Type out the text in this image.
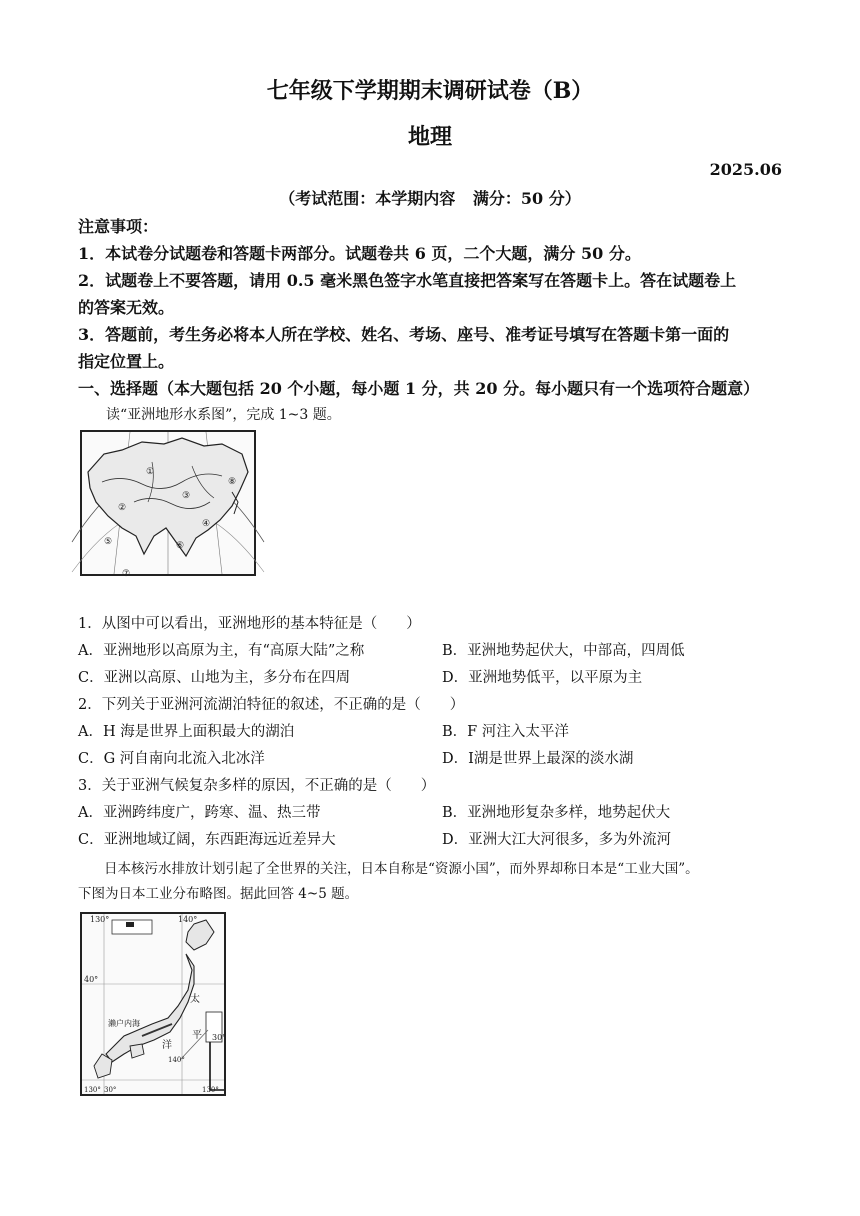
七年级下学期期末调研试卷（B）
地理
2025.06
（考试范围：本学期内容 满分：50 分）
注意事项：
1．本试卷分试题卷和答题卡两部分。试题卷共 6 页，二个大题，满分 50 分。
2．试题卷上不要答题，请用 0.5 毫米黑色签字水笔直接把答案写在答题卡上。答在试题卷上
的答案无效。
3．答题前，考生务必将本人所在学校、姓名、考场、座号、准考证号填写在答题卡第一面的
指定位置上。
一、选择题（本大题包括 20 个小题，每小题 1 分，共 20 分。每小题只有一个选项符合题意）
读“亚洲地形水系图”，完成 1~3 题。
①
②
③
④
⑤	⑥
⑦
⑧
1．从图中可以看出，亚洲地形的基本特征是（　　）
A．亚洲地形以高原为主，有“高原大陆”之称	B．亚洲地势起伏大，中部高，四周低
C．亚洲以高原、山地为主，多分布在四周	D．亚洲地势低平，以平原为主
2．下列关于亚洲河流湖泊特征的叙述，不正确的是（　　）
A．H 海是世界上面积最大的湖泊	B．F 河注入太平洋
C．G 河自南向北流入北冰洋	D．Ⅰ湖是世界上最深的淡水湖
3．关于亚洲气候复杂多样的原因，不正确的是（　　）
A．亚洲跨纬度广，跨寒、温、热三带	B．亚洲地形复杂多样，地势起伏大
C．亚洲地域辽阔，东西距海远近差异大	D．亚洲大江大河很多，多为外流河
日本核污水排放计划引起了全世界的关注，日本自称是“资源小国”，而外界却称日本是“工业大国”。
下图为日本工业分布略图。据此回答 4~5 题。
130°	140°
40°
30°
130° 30°
140°
130°
太
平
洋
濑户内海
